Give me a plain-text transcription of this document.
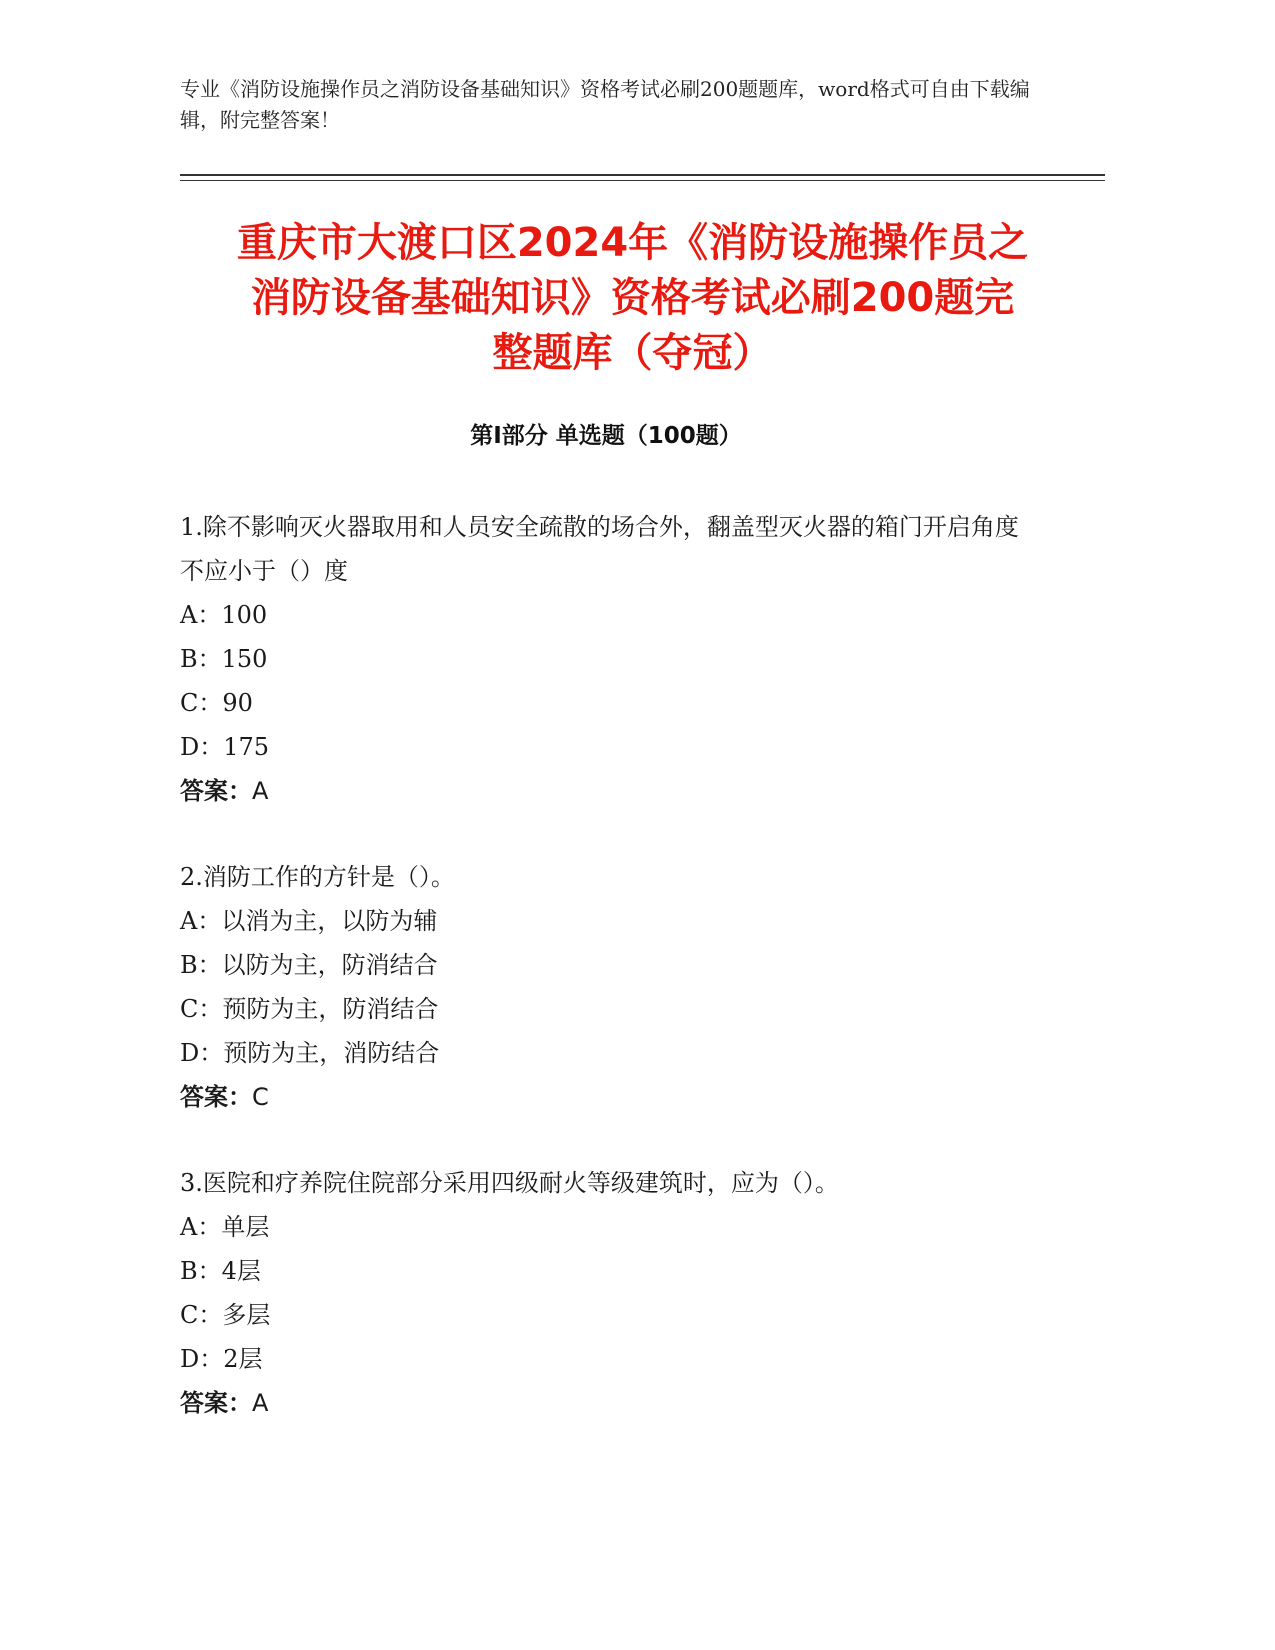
专业《消防设施操作员之消防设备基础知识》资格考试必刷200题题库，word格式可自由下载编辑，附完整答案！
重庆市大渡口区2024年《消防设施操作员之
消防设备基础知识》资格考试必刷200题完
整题库（夺冠）
第I部分 单选题（100题）

1.除不影响灭火器取用和人员安全疏散的场合外，翻盖型灭火器的箱门开启角度不应小于（）度

A：100

B：150

C：90

D：175

答案：A

2.消防工作的方针是（）。

A：以消为主，以防为辅

B：以防为主，防消结合

C：预防为主，防消结合

D：预防为主，消防结合

答案：C

3.医院和疗养院住院部分采用四级耐火等级建筑时，应为（）。

A：单层

B：4层

C：多层

D：2层

答案：A
